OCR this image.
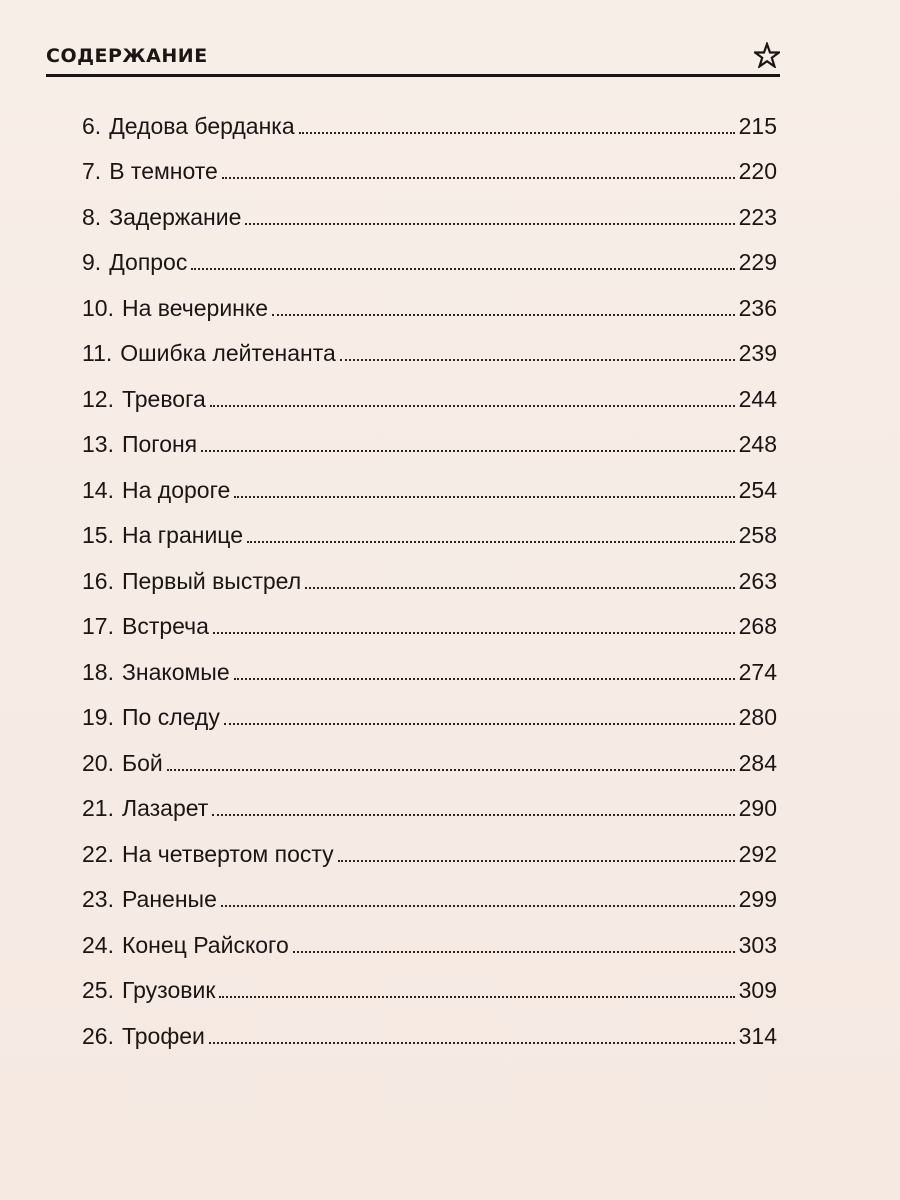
СОДЕРЖАНИЕ
6. Дедова берданка	215
7. В темноте	220
8. Задержание	223
9. Допрос	229
10. На вечеринке	236
11. Ошибка лейтенанта	239
12. Тревога	244
13. Погоня	248
14. На дороге	254
15. На границе	258
16. Первый выстрел	263
17. Встреча	268
18. Знакомые	274
19. По следу	280
20. Бой	284
21. Лазарет	290
22. На четвертом посту	292
23. Раненые	299
24. Конец Райского	303
25. Грузовик	309
26. Трофеи	314
